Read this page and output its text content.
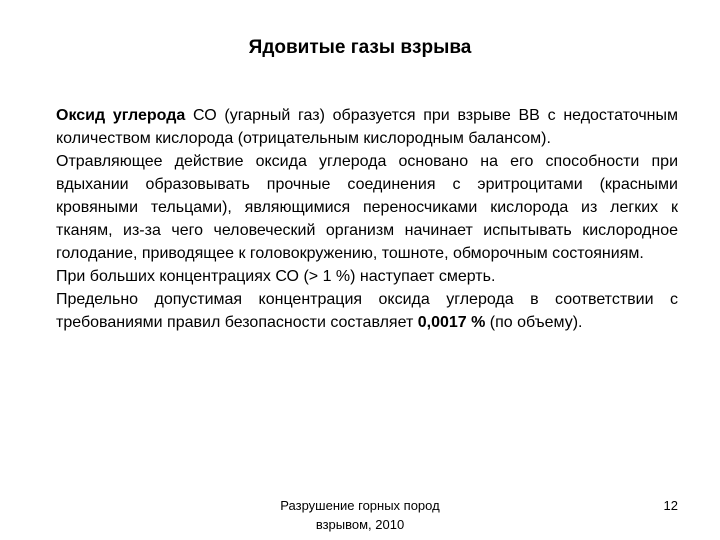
Ядовитые газы взрыва

Оксид углерода СО (угарный газ) образуется при взрыве ВВ с недостаточным количеством кислорода (отрицательным кислородным балансом).

Отравляющее действие оксида углерода основано на его способности при вдыхании образовывать прочные соединения с эритроцитами (красными кровяными тельцами), являющимися переносчиками кислорода из легких к тканям, из-за чего человеческий организм начинает испытывать кислородное голодание, приводящее к головокружению, тошноте, обморочным состояниям.

При больших концентрациях СО (> 1 %) наступает смерть.

Предельно допустимая концентрация оксида углерода в соответствии с требованиями правил безопасности составляет 0,0017 % (по объему).

Разрушение горных пород
взрывом, 2010
12
